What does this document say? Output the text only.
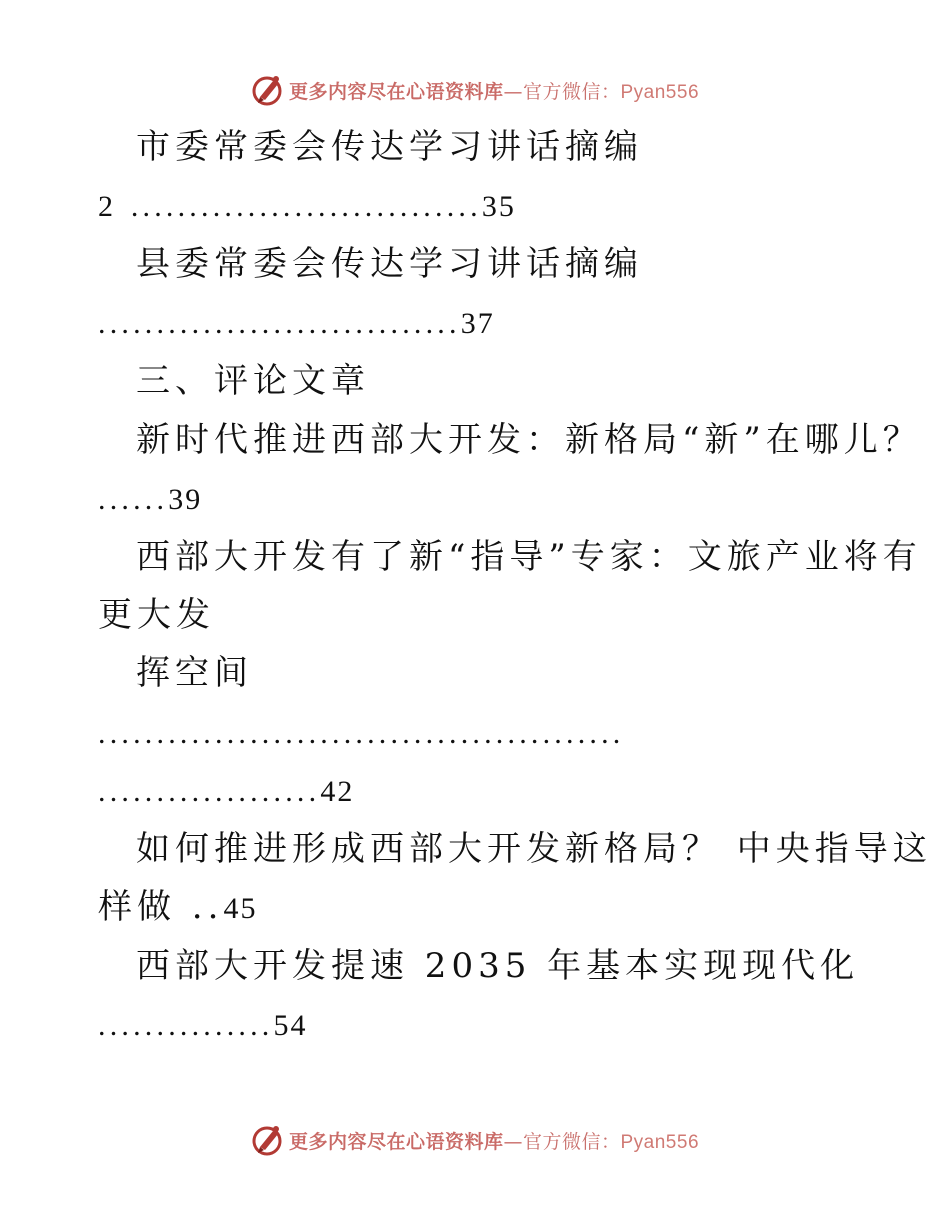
更多内容尽在心语资料库—官方微信：Pyan556
市委常委会传达学习讲话摘编
2 ..............................35
县委常委会传达学习讲话摘编
...............................37
三、评论文章
新时代推进西部大开发：新格局“新”在哪儿？
......39
西部大开发有了新“指导”专家：文旅产业将有
更大发
挥空间
.............................................
...................42
如何推进形成西部大开发新格局？ 中央指导这
样做 ..45
西部大开发提速 2035 年基本实现现代化
...............54
更多内容尽在心语资料库—官方微信：Pyan556
